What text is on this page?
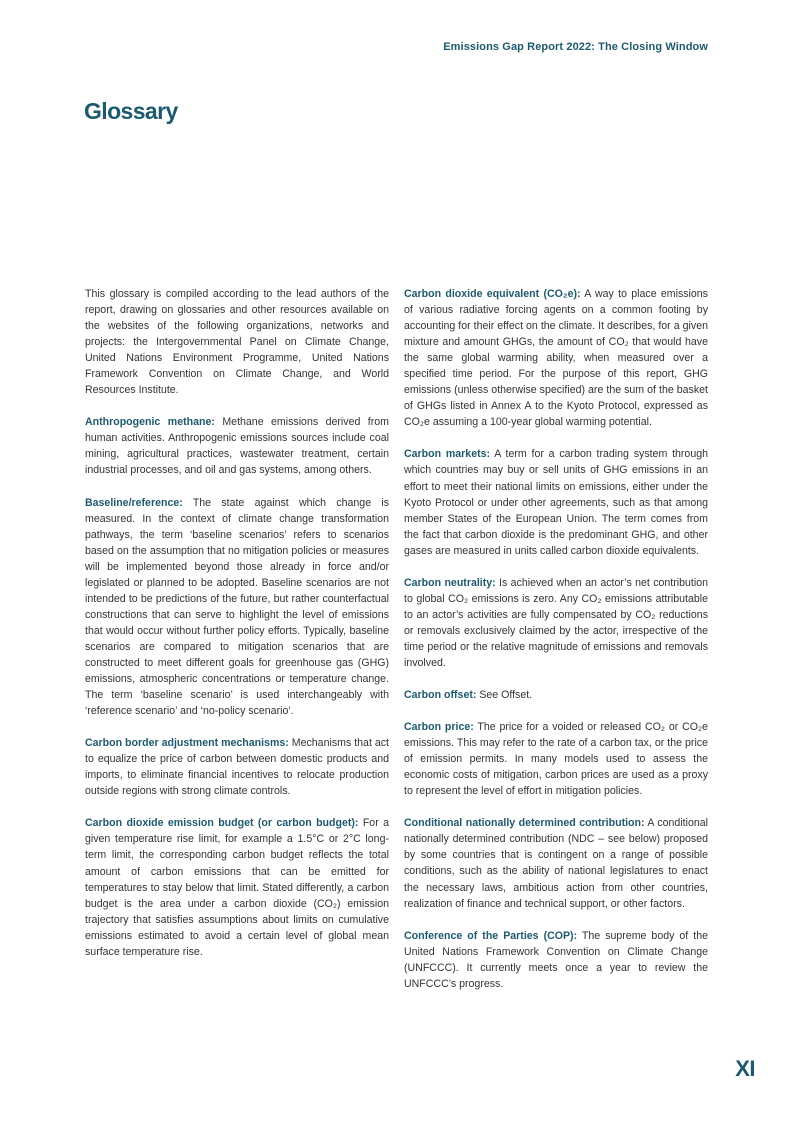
Emissions Gap Report 2022: The Closing Window
Glossary

This glossary is compiled according to the lead authors of the report, drawing on glossaries and other resources available on the websites of the following organizations, networks and projects: the Intergovernmental Panel on Climate Change, United Nations Environment Programme, United Nations Framework Convention on Climate Change, and World Resources Institute.

Anthropogenic methane: Methane emissions derived from human activities. Anthropogenic emissions sources include coal mining, agricultural practices, wastewater treatment, certain industrial processes, and oil and gas systems, among others.

Baseline/reference: The state against which change is measured. In the context of climate change transformation pathways, the term ‘baseline scenarios’ refers to scenarios based on the assumption that no mitigation policies or measures will be implemented beyond those already in force and/or legislated or planned to be adopted. Baseline scenarios are not intended to be predictions of the future, but rather counterfactual constructions that can serve to highlight the level of emissions that would occur without further policy efforts. Typically, baseline scenarios are compared to mitigation scenarios that are constructed to meet different goals for greenhouse gas (GHG) emissions, atmospheric concentrations or temperature change. The term ‘baseline scenario’ is used interchangeably with ‘reference scenario’ and ‘no-policy scenario’.

Carbon border adjustment mechanisms: Mechanisms that act to equalize the price of carbon between domestic products and imports, to eliminate financial incentives to relocate production outside regions with strong climate controls.

Carbon dioxide emission budget (or carbon budget): For a given temperature rise limit, for example a 1.5°C or 2°C long-term limit, the corresponding carbon budget reflects the total amount of carbon emissions that can be emitted for temperatures to stay below that limit. Stated differently, a carbon budget is the area under a carbon dioxide (CO₂) emission trajectory that satisfies assumptions about limits on cumulative emissions estimated to avoid a certain level of global mean surface temperature rise.

Carbon dioxide equivalent (CO₂e): A way to place emissions of various radiative forcing agents on a common footing by accounting for their effect on the climate. It describes, for a given mixture and amount GHGs, the amount of CO₂ that would have the same global warming ability, when measured over a specified time period. For the purpose of this report, GHG emissions (unless otherwise specified) are the sum of the basket of GHGs listed in Annex A to the Kyoto Protocol, expressed as CO₂e assuming a 100-year global warming potential.

Carbon markets: A term for a carbon trading system through which countries may buy or sell units of GHG emissions in an effort to meet their national limits on emissions, either under the Kyoto Protocol or under other agreements, such as that among member States of the European Union. The term comes from the fact that carbon dioxide is the predominant GHG, and other gases are measured in units called carbon dioxide equivalents.

Carbon neutrality: Is achieved when an actor’s net contribution to global CO₂ emissions is zero. Any CO₂ emissions attributable to an actor’s activities are fully compensated by CO₂ reductions or removals exclusively claimed by the actor, irrespective of the time period or the relative magnitude of emissions and removals involved.

Carbon offset: See Offset.

Carbon price: The price for a voided or released CO₂ or CO₂e emissions. This may refer to the rate of a carbon tax, or the price of emission permits. In many models used to assess the economic costs of mitigation, carbon prices are used as a proxy to represent the level of effort in mitigation policies.

Conditional nationally determined contribution: A conditional nationally determined contribution (NDC – see below) proposed by some countries that is contingent on a range of possible conditions, such as the ability of national legislatures to enact the necessary laws, ambitious action from other countries, realization of finance and technical support, or other factors.

Conference of the Parties (COP): The supreme body of the United Nations Framework Convention on Climate Change (UNFCCC). It currently meets once a year to review the UNFCCC’s progress.

XI
